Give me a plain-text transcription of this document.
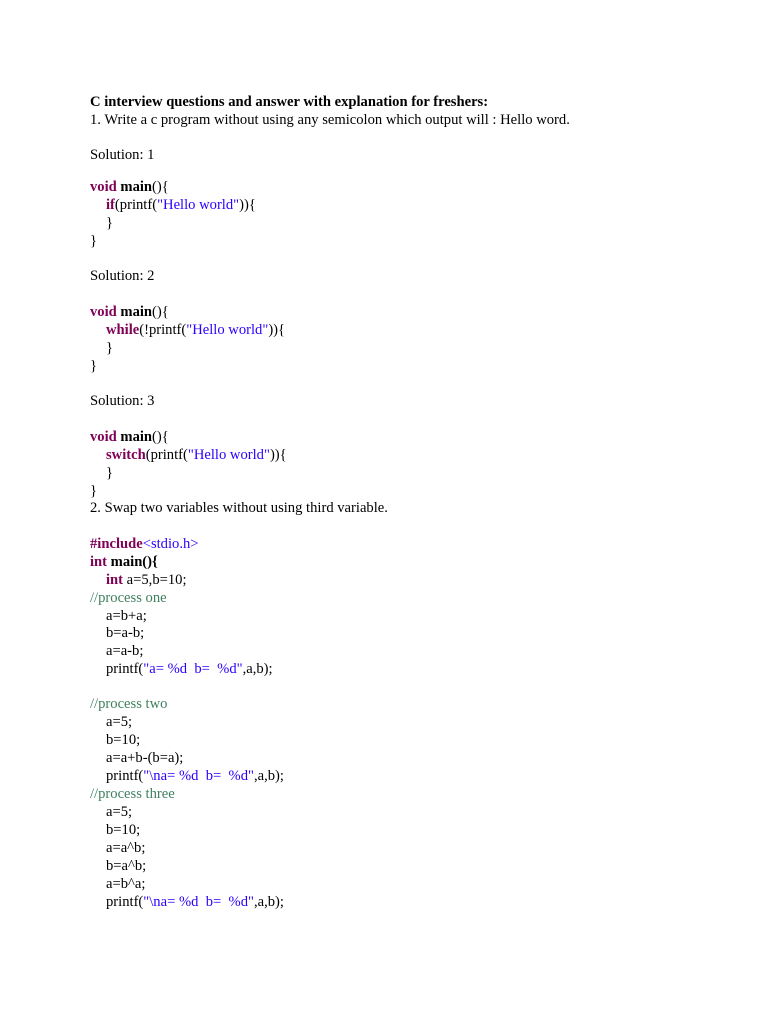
C interview questions and answer with explanation for freshers:
1. Write a c program without using any semicolon which output will : Hello word.
Solution: 1
void main(){
if(printf("Hello world")){
}
}
Solution: 2
void main(){
while(!printf("Hello world")){
}
}
Solution: 3
void main(){
switch(printf("Hello world")){
}
}
2. Swap two variables without using third variable.
#include<stdio.h>
int main(){
int a=5,b=10;
//process one
a=b+a;
b=a-b;
a=a-b;
printf("a= %d  b=  %d",a,b);
//process two
a=5;
b=10;
a=a+b-(b=a);
printf("\na= %d  b=  %d",a,b);
//process three
a=5;
b=10;
a=a^b;
b=a^b;
a=b^a;
printf("\na= %d  b=  %d",a,b);
